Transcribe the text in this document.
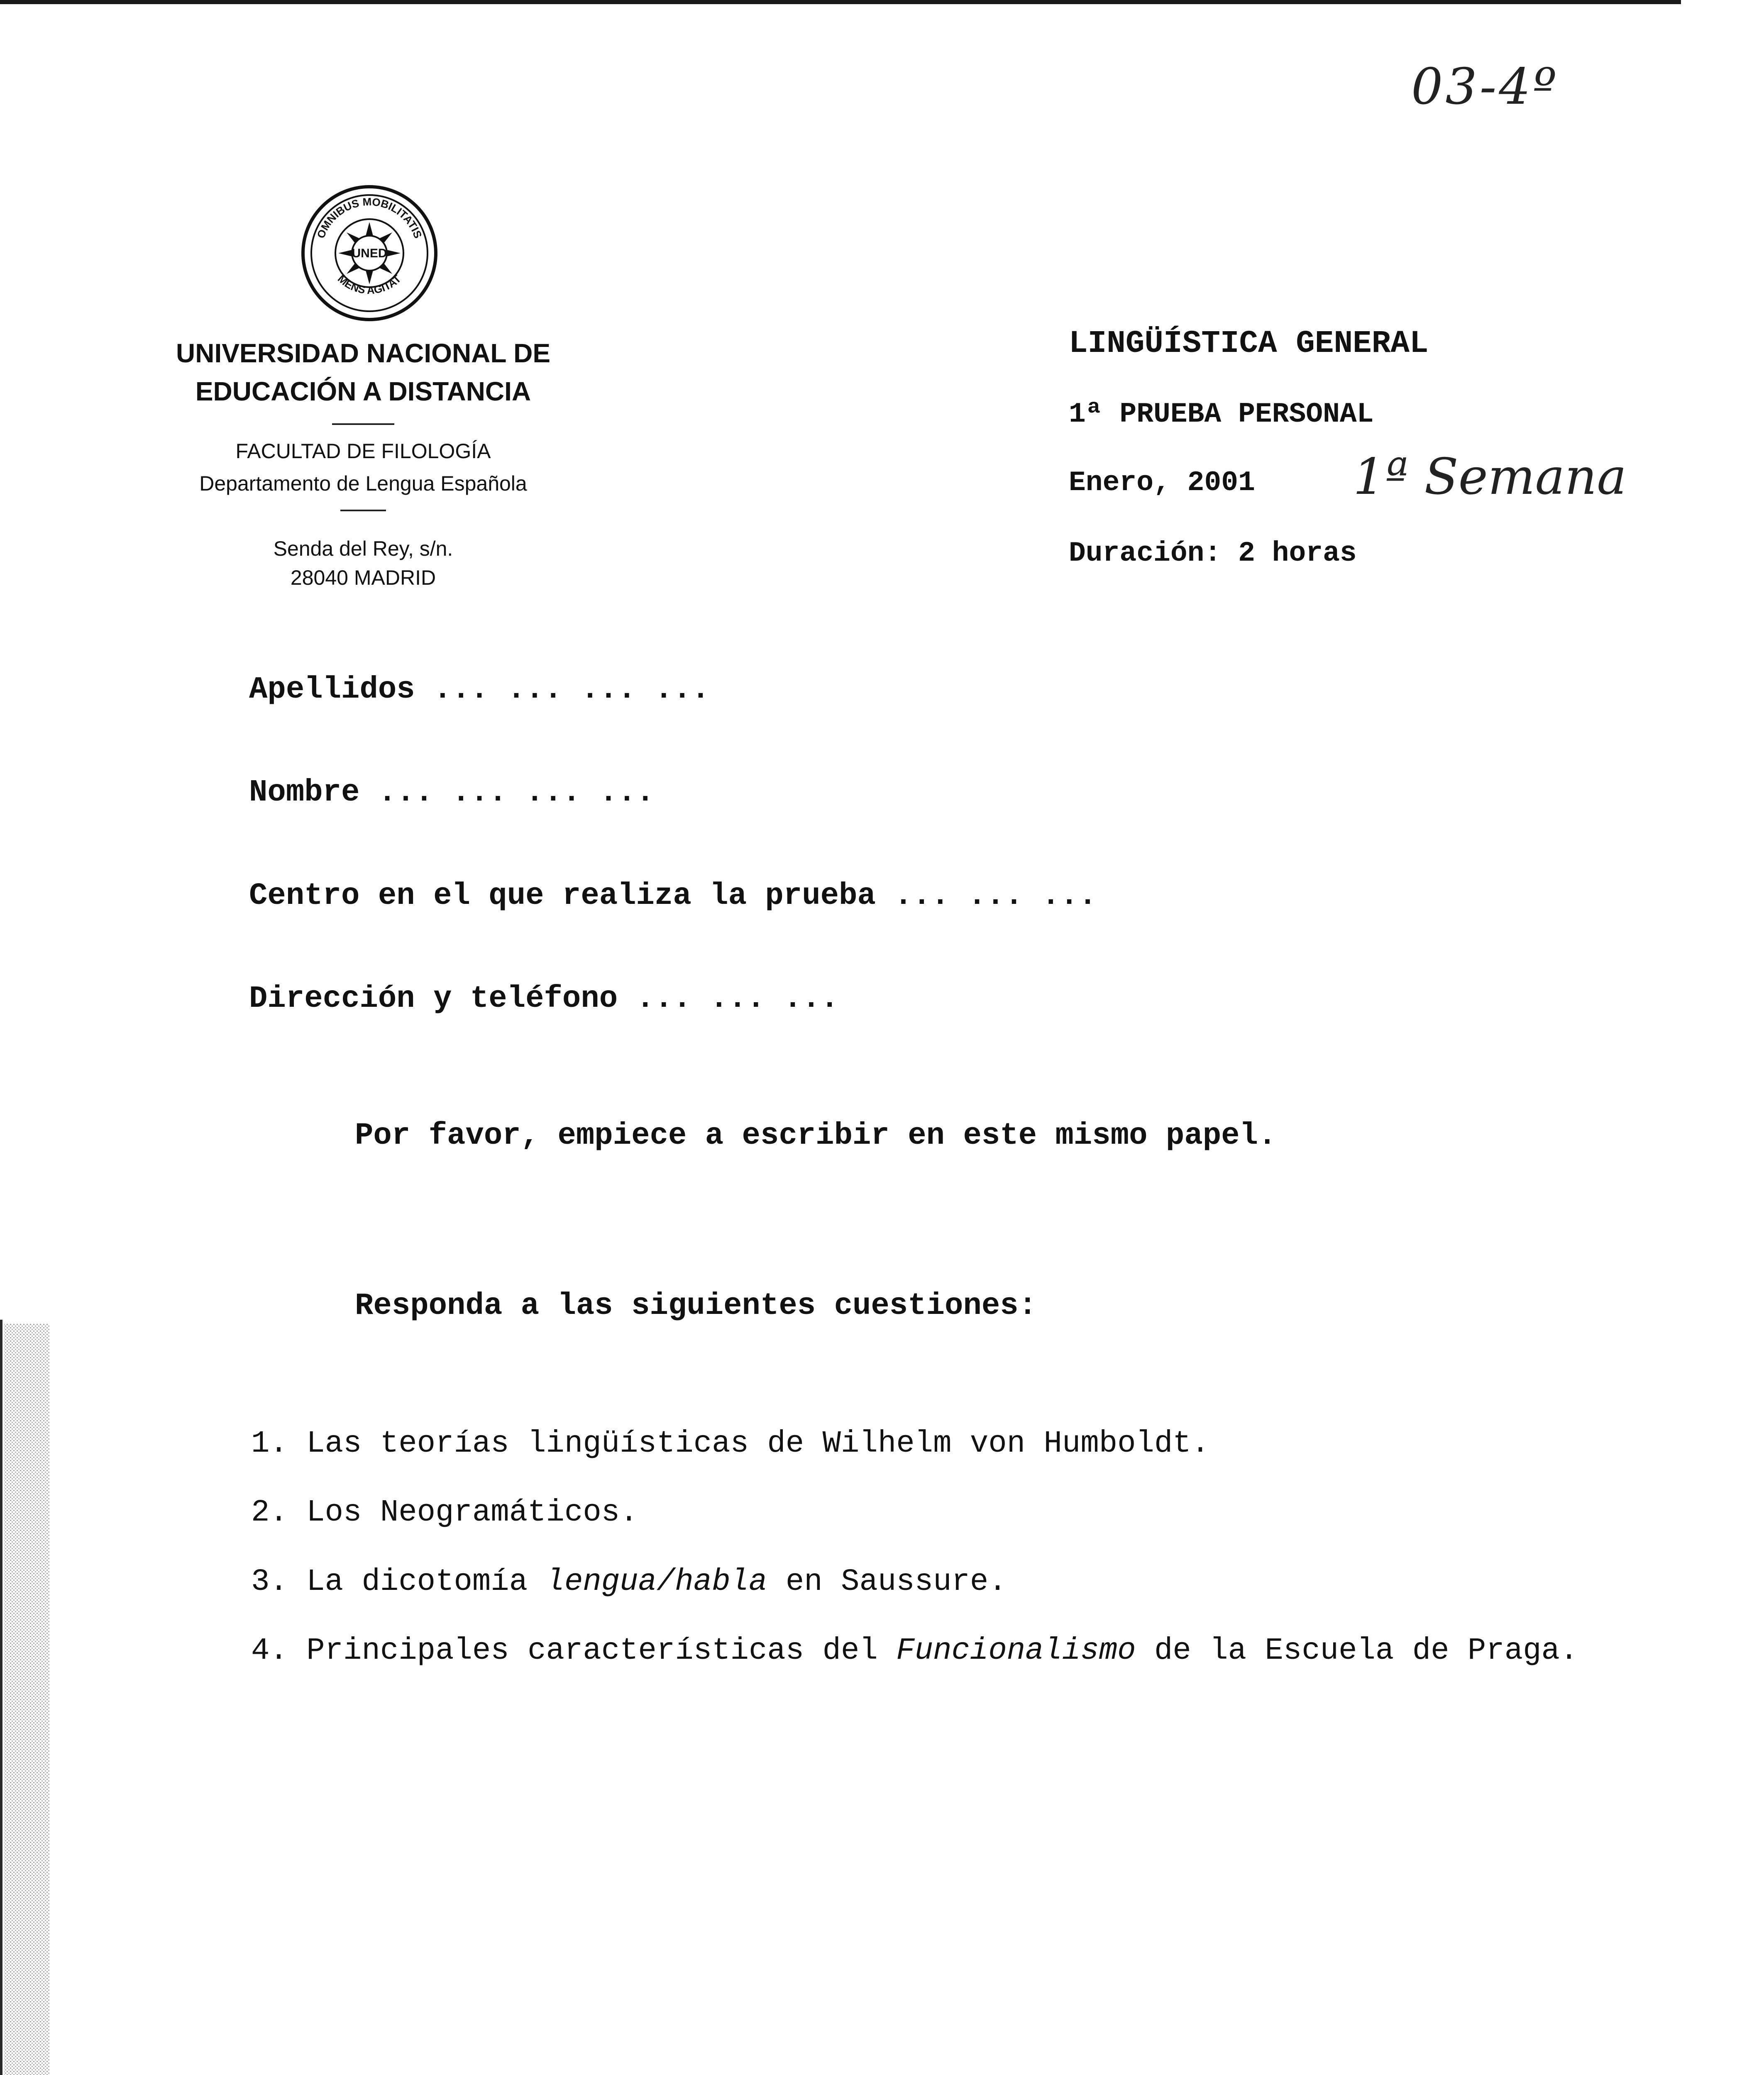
03-4º
1ª Semana
OMNIBUS MOBILITATIS
MENS AGITAT
UNED
UNIVERSIDAD NACIONAL DE
EDUCACIÓN A DISTANCIA
FACULTAD DE FILOLOGÍA
Departamento de Lengua Española
Senda del Rey, s/n.
28040 MADRID
LINGÜÍSTICA GENERAL
1ª PRUEBA PERSONAL
Enero, 2001
Duración: 2 horas
Apellidos ... ... ... ...
Nombre ... ... ... ...
Centro en el que realiza la prueba ... ... ...
Dirección y teléfono ... ... ...
Por favor, empiece a escribir en este mismo papel.
Responda a las siguientes cuestiones:
1. Las teorías lingüísticas de Wilhelm von Humboldt.
2. Los Neogramáticos.
3. La dicotomía lengua/habla en Saussure.
4. Principales características del Funcionalismo de la Escuela de Praga.
